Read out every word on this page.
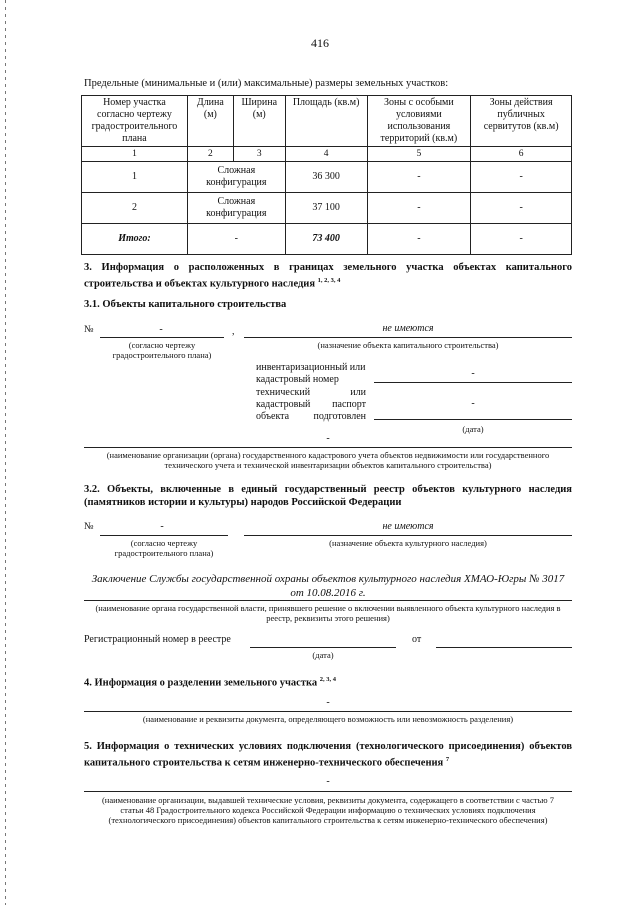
416
Предельные (минимальные и (или) максимальные) размеры земельных участков:
Номер участка согласно чертежу градостроительного плана	Длина (м)	Ширина (м)	Площадь (кв.м)	Зоны с особыми условиями использования территорий (кв.м)	Зоны действия публичных сервитутов (кв.м)
1	2	3	4	5	6
1	Сложная конфигурация		36 300	-	-
2	Сложная конфигурация		37 100	-	-
Итого:	-		73 400	-	-
3. Информация о расположенных в границах земельного участка объектах капитального строительства и объектах культурного наследия $^{1, 2, 3, 4}$
3.1. Объекты капитального строительства
№	-	,	не имеются
(согласно чертежу градостроительного плана)
(назначение объекта капитального строительства)
инвентаризационный или кадастровый номер
-
технический или кадастровый паспорт объекта подготовлен
-
(дата)
-
(наименование организации (органа) государственного кадастрового учета объектов недвижимости или государственного технического учета и технической инвентаризации объектов капитального строительства)
3.2. Объекты, включенные в единый государственный реестр объектов культурного наследия (памятников истории и культуры) народов Российской Федерации
№	-	не имеются
(согласно чертежу градостроительного плана)
(назначение объекта культурного наследия)
Заключение Службы государственной охраны объектов культурного наследия ХМАО-Югры № 3017 от 10.08.2016 г.
(наименование органа государственной власти, принявшего решение о включении выявленного объекта культурного наследия в реестр, реквизиты этого решения)
Регистрационный номер в реестре	от
(дата)
4. Информация о разделении земельного участка $^{2, 3, 4}$
-
(наименование и реквизиты документа, определяющего возможность или невозможность разделения)
5. Информация о технических условиях подключения (технологического присоединения) объектов капитального строительства к сетям инженерно-технического обеспечения $^7$
-
(наименование организации, выдавшей технические условия, реквизиты документа, содержащего в соответствии с частью 7 статьи 48 Градостроительного кодекса Российской Федерации информацию о технических условиях подключения (технологического присоединения) объектов капитального строительства к сетям инженерно-технического обеспечения)
